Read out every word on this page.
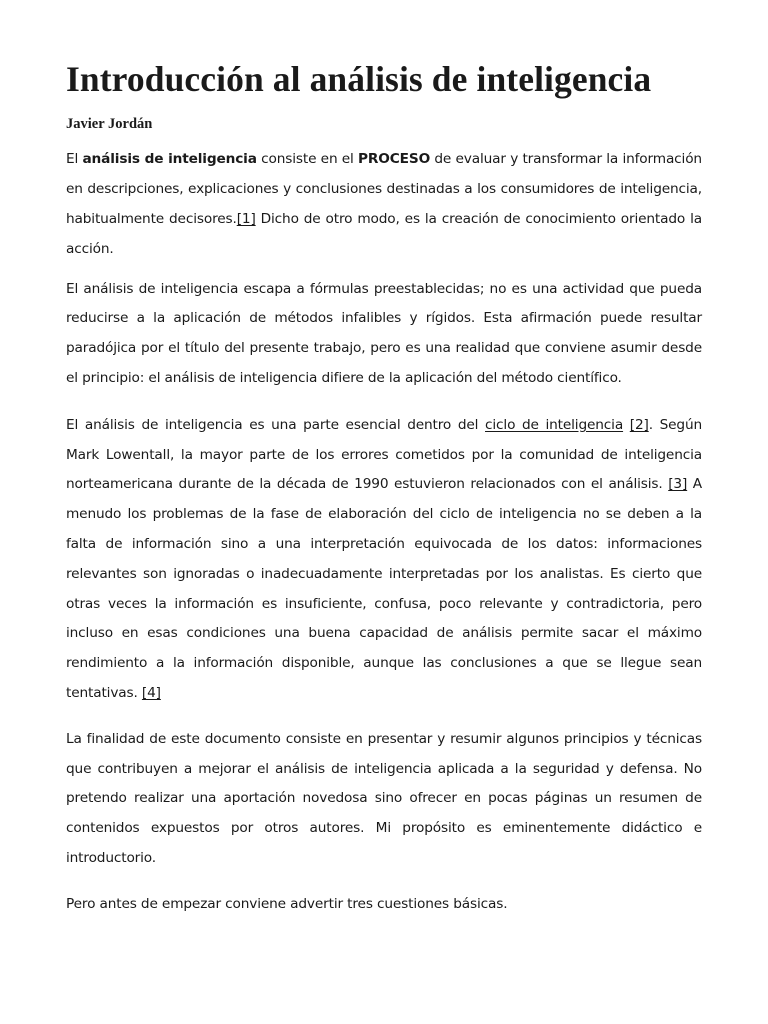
Introducción al análisis de inteligencia
Javier Jordán

El análisis de inteligencia consiste en el PROCESO de evaluar y transformar la información en descripciones, explicaciones y conclusiones destinadas a los consumidores de inteligencia, habitualmente decisores.[1] Dicho de otro modo, es la creación de conocimiento orientado la acción.

El análisis de inteligencia escapa a fórmulas preestablecidas; no es una actividad que pueda reducirse a la aplicación de métodos infalibles y rígidos. Esta afirmación puede resultar paradójica por el título del presente trabajo, pero es una realidad que conviene asumir desde el principio: el análisis de inteligencia difiere de la aplicación del método científico.

El análisis de inteligencia es una parte esencial dentro del ciclo de inteligencia [2]. Según Mark Lowentall, la mayor parte de los errores cometidos por la comunidad de inteligencia norteamericana durante de la década de 1990 estuvieron relacionados con el análisis. [3] A menudo los problemas de la fase de elaboración del ciclo de inteligencia no se deben a la falta de información sino a una interpretación equivocada de los datos: informaciones relevantes son ignoradas o inadecuadamente interpretadas por los analistas. Es cierto que otras veces la información es insuficiente, confusa, poco relevante y contradictoria, pero incluso en esas condiciones una buena capacidad de análisis permite sacar el máximo rendimiento a la información disponible, aunque las conclusiones a que se llegue sean tentativas. [4]

La finalidad de este documento consiste en presentar y resumir algunos principios y técnicas que contribuyen a mejorar el análisis de inteligencia aplicada a la seguridad y defensa. No pretendo realizar una aportación novedosa sino ofrecer en pocas páginas un resumen de contenidos expuestos por otros autores. Mi propósito es eminentemente didáctico e introductorio.

Pero antes de empezar conviene advertir tres cuestiones básicas.
